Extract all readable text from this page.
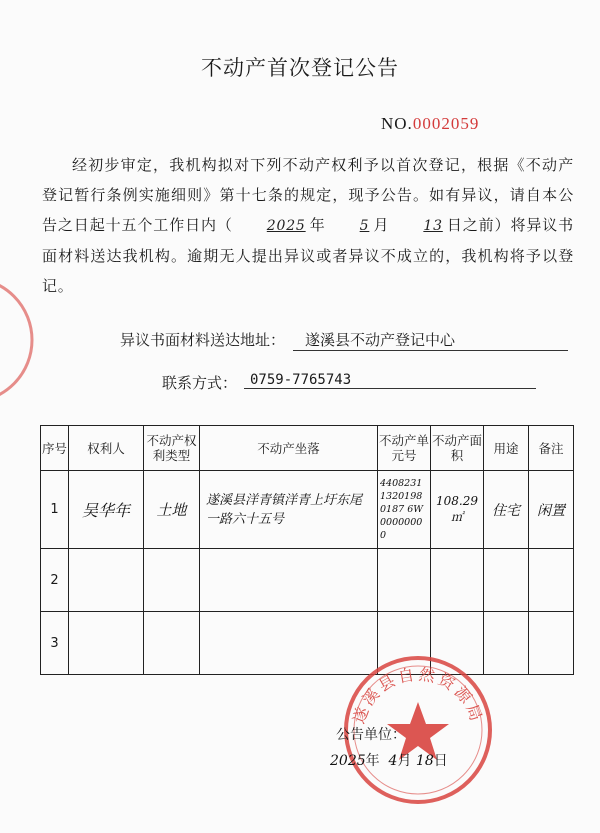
不动产首次登记公告
NO.0002059

经初步审定，我机构拟对下列不动产权利予以首次登记，根据《不动产登记暂行条例实施细则》第十七条的规定，现予公告。如有异议，请自本公告之日起十五个工作日内（ 2025 年 5 月 13 日之前）将异议书面材料送达我机构。逾期无人提出异议或者异议不成立的，我机构将予以登记。

异议书面材料送达地址：	遂溪县不动产登记中心
联系方式： 0759-7765743
序号	权利人	不动产权利类型	不动产坐落	不动产单元号	不动产面 积	用途	备注
1	吴华年	土地	遂溪县洋青镇洋青上圩东尾一路六十五号	440823113201980187 6W00000000	108.29㎡	住宅	闲置
2							
3							
遂溪县自然资源局
公告单位：
2025年 4月 18日
